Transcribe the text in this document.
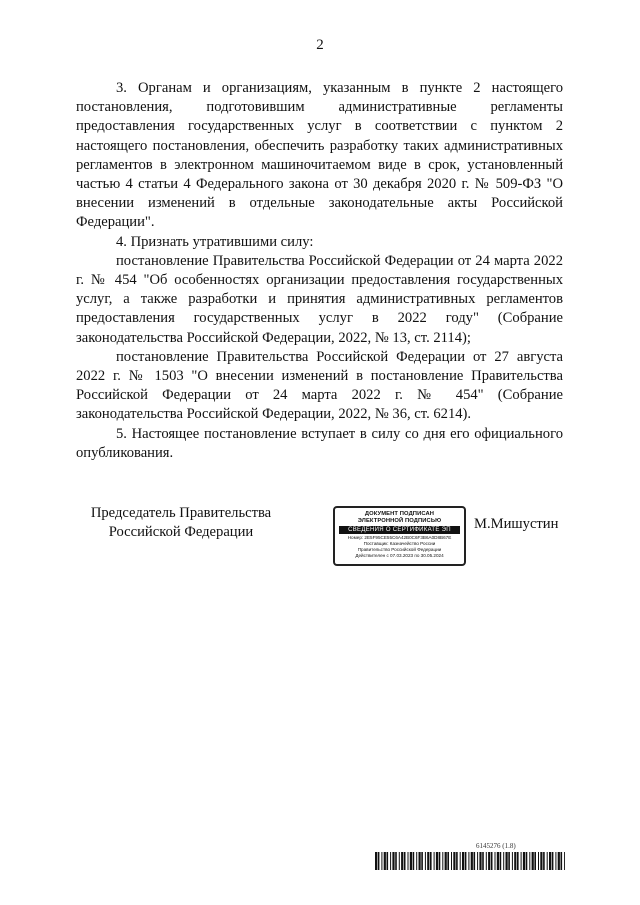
2

3. Органам и организациям, указанным в пункте 2 настоящего постановления, подготовившим административные регламенты предоставления государственных услуг в соответствии с пунктом 2 настоящего постановления, обеспечить разработку таких административных регламентов в электронном машиночитаемом виде в срок, установленный частью 4 статьи 4 Федерального закона от 30 декабря 2020 г. № 509-ФЗ "О внесении изменений в отдельные законодательные акты Российской Федерации".

4. Признать утратившими силу:

постановление Правительства Российской Федерации от 24 марта 2022 г. № 454 "Об особенностях организации предоставления государственных услуг, а также разработки и принятия административных регламентов предоставления государственных услуг в 2022 году" (Собрание законодательства Российской Федерации, 2022, № 13, ст. 2114);

постановление Правительства Российской Федерации от 27 августа 2022 г. № 1503 "О внесении изменений в постановление Правительства Российской Федерации от 24 марта 2022 г. № 454" (Собрание законодательства Российской Федерации, 2022, № 36, ст. 6214).

5. Настоящее постановление вступает в силу со дня его официального опубликования.

Председатель Правительства
Российской Федерации
ДОКУМЕНТ ПОДПИСАН
ЭЛЕКТРОННОЙ ПОДПИСЬЮ
СВЕДЕНИЯ О СЕРТИФИКАТЕ ЭП
Номер: 2E5F95CE55C6A42B0C6F3B6A0D8B67E
Поставщик: Казначейство России
Правительство Российской Федерации
Действителен с 07.03.2023 по 30.05.2024
М.Мишустин
6145276 (1.8)
